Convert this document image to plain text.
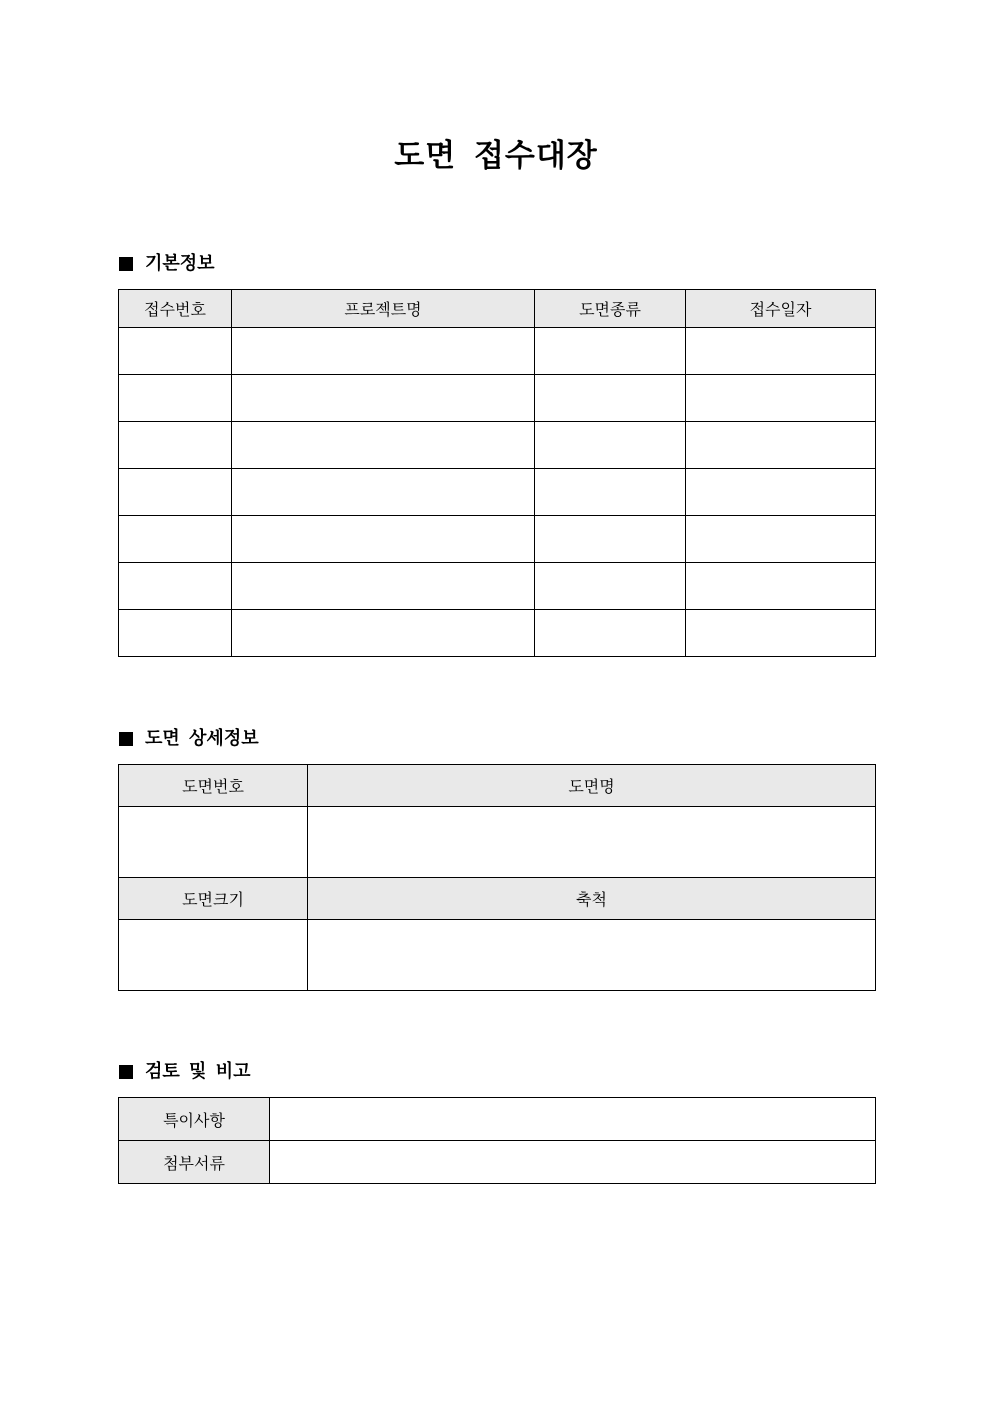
도면 접수대장
기본정보
접수번호	프로젝트명	도면종류	접수일자

도면 상세정보
도면번호	도면명

도면크기	축척

검토 및 비고
특이사항	
첨부서류	
